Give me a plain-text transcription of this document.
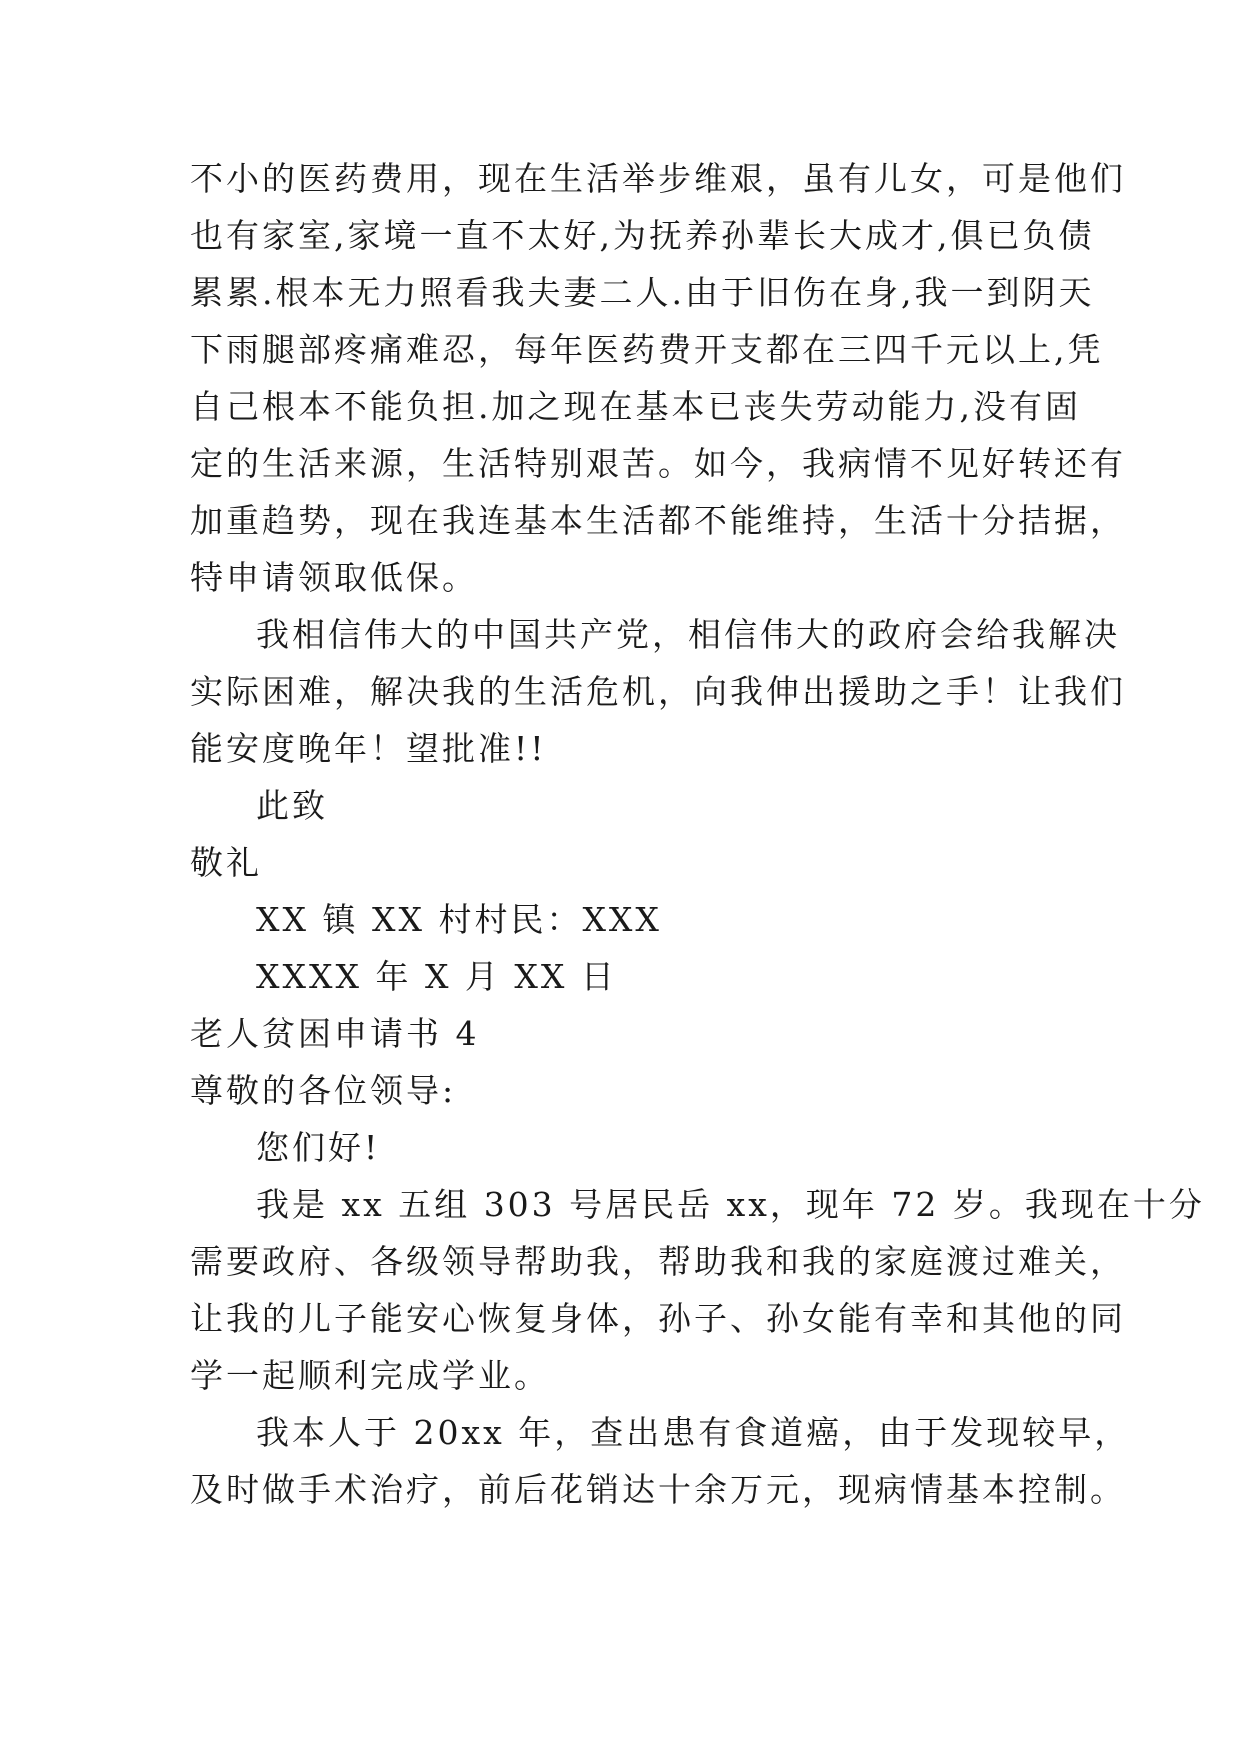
不小的医药费用，现在生活举步维艰，虽有儿女，可是他们
也有家室,家境一直不太好,为抚养孙辈长大成才,俱已负债
累累.根本无力照看我夫妻二人.由于旧伤在身,我一到阴天
下雨腿部疼痛难忍，每年医药费开支都在三四千元以上,凭
自己根本不能负担.加之现在基本已丧失劳动能力,没有固
定的生活来源，生活特别艰苦。如今，我病情不见好转还有
加重趋势，现在我连基本生活都不能维持，生活十分拮据，
特申请领取低保。
我相信伟大的中国共产党，相信伟大的政府会给我解决
实际困难，解决我的生活危机，向我伸出援助之手！让我们
能安度晚年！望批准!!
此致
敬礼
XX 镇 XX 村村民：XXX
XXXX 年 X 月 XX 日
老人贫困申请书 4
尊敬的各位领导:
您们好!
我是 xx 五组 303 号居民岳 xx，现年 72 岁。我现在十分
需要政府、各级领导帮助我，帮助我和我的家庭渡过难关，
让我的儿子能安心恢复身体，孙子、孙女能有幸和其他的同
学一起顺利完成学业。
我本人于 20xx 年，查出患有食道癌，由于发现较早，
及时做手术治疗，前后花销达十余万元，现病情基本控制。
